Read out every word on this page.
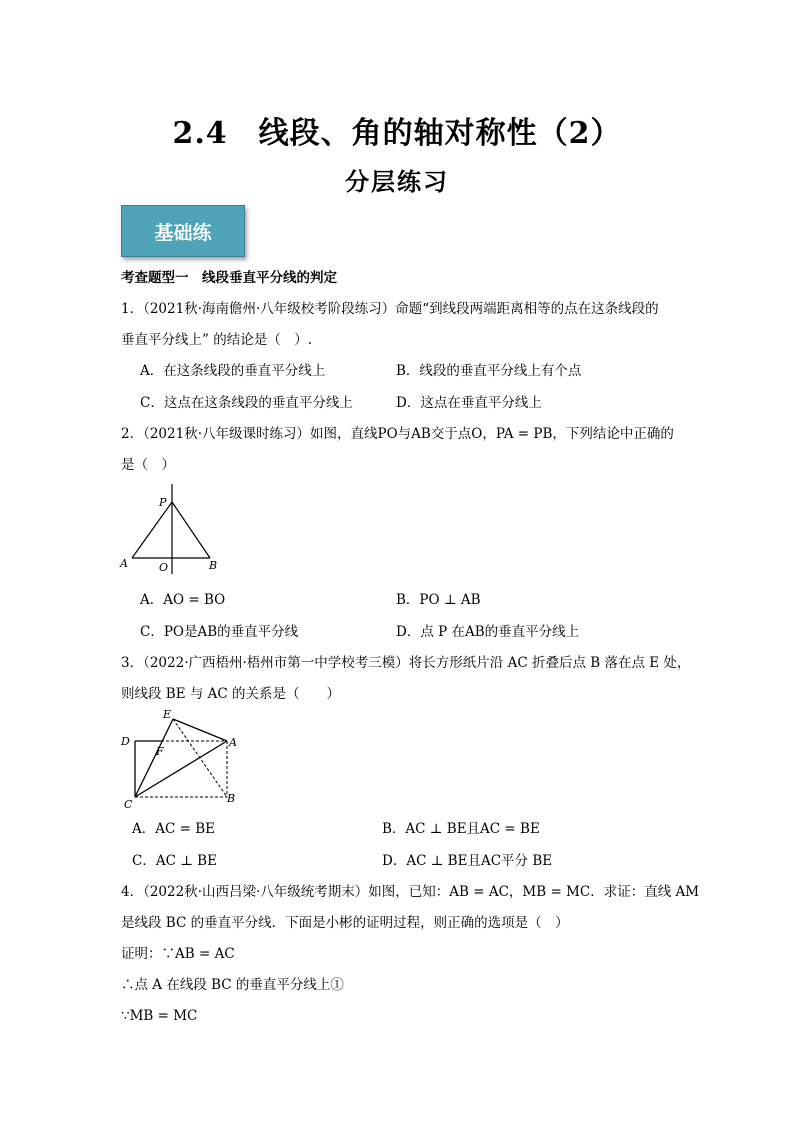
2.4　线段、角的轴对称性（2）
分层练习
基础练
考查题型一　线段垂直平分线的判定
1．（2021秋·海南儋州·八年级校考阶段练习）命题“到线段两端距离相等的点在这条线段的
垂直平分线上” 的结论是（　）.
A．在这条线段的垂直平分线上	B．线段的垂直平分线上有个点
C．这点在这条线段的垂直平分线上	D．这点在垂直平分线上
2．（2021秋·八年级课时练习）如图，直线PO与AB交于点O，PA = PB，下列结论中正确的
是（　）
P
A	O	B
A．AO = BO	B．PO ⊥ AB
C．PO是AB的垂直平分线	D．点 P 在AB的垂直平分线上
3．（2022·广西梧州·梧州市第一中学校考三模）将长方形纸片沿 AC 折叠后点 B 落在点 E 处，
则线段 BE 与 AC 的关系是（　　）
E
D	A
F
C	B
A．AC = BE	B．AC ⊥ BE且AC = BE
C．AC ⊥ BE	D．AC ⊥ BE且AC平分 BE
4．（2022秋·山西吕梁·八年级统考期末）如图，已知：AB = AC，MB = MC．求证：直线 AM
是线段 BC 的垂直平分线．下面是小彬的证明过程，则正确的选项是（　）
证明：∵AB = AC
∴点 A 在线段 BC 的垂直平分线上①
∵MB = MC
